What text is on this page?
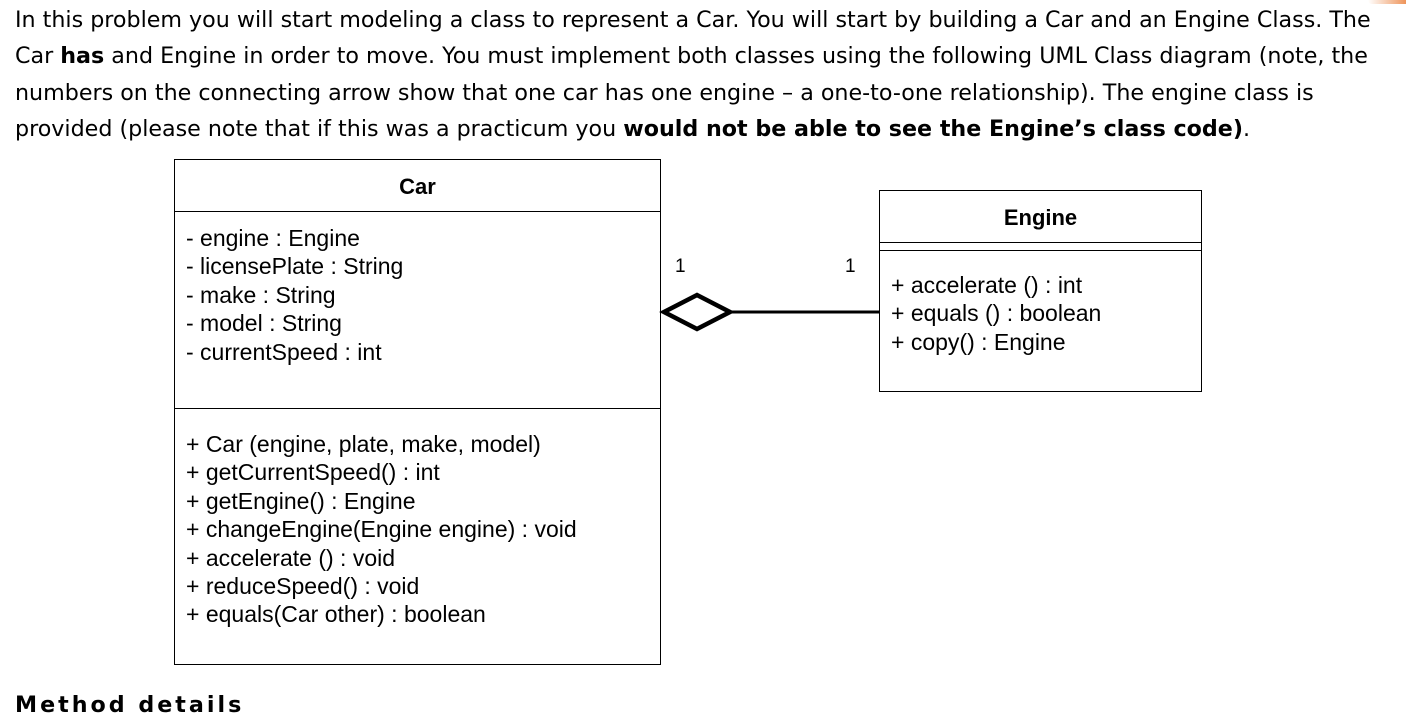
In this problem you will start modeling a class to represent a Car. You will start by building a Car and an Engine Class. The Car has and Engine in order to move. You must implement both classes using the following UML Class diagram (note, the numbers on the connecting arrow show that one car has one engine – a one-to-one relationship). The engine class is provided (please note that if this was a practicum you would not be able to see the Engine’s class code).

Car
- engine : Engine
- licensePlate : String
- make : String
- model : String
- currentSpeed : int
+ Car (engine, plate, make, model)
+ getCurrentSpeed() : int
+ getEngine() : Engine
+ changeEngine(Engine engine) : void
+ accelerate () : void
+ reduceSpeed() : void
+ equals(Car other) : boolean
Engine
+ accelerate () : int
+ equals () : boolean
+ copy() : Engine
1	1
Method details
